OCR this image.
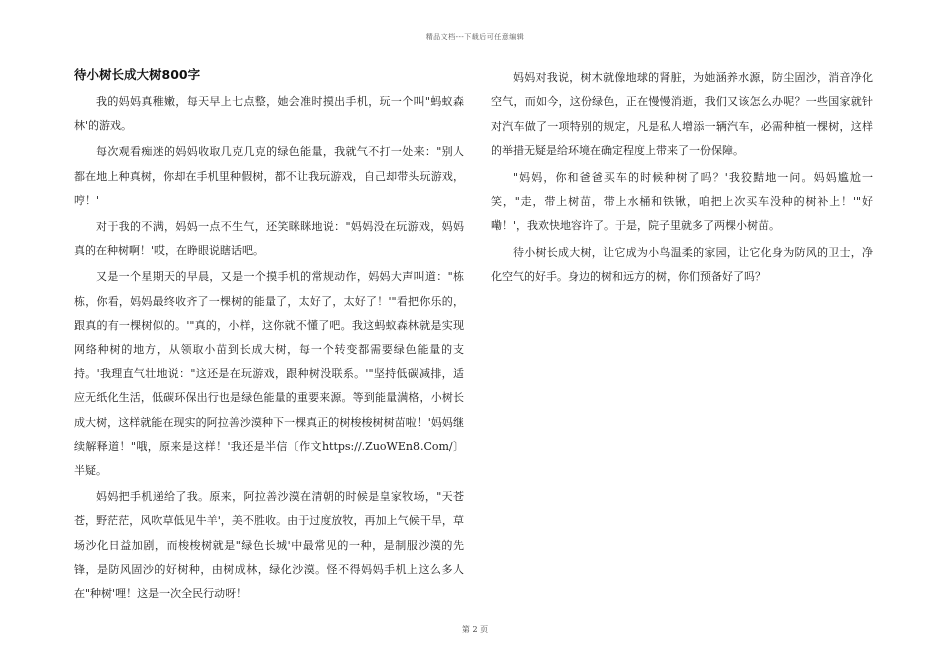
精品文档---下载后可任意编辑
待小树长成大树800字

我的妈妈真稚嫩，每天早上七点整，她会准时摸出手机，玩一个叫"蚂蚁森林'的游戏。

每次观看痴迷的妈妈收取几克几克的绿色能量，我就气不打一处来："别人都在地上种真树，你却在手机里种假树，都不让我玩游戏，自己却带头玩游戏，哼！'

对于我的不满，妈妈一点不生气，还笑眯眯地说："妈妈没在玩游戏，妈妈真的在种树啊！'哎，在睁眼说瞎话吧。

又是一个星期天的早晨，又是一个摸手机的常规动作，妈妈大声叫道："栋栋，你看，妈妈最终收齐了一棵树的能量了，太好了，太好了！'"看把你乐的，跟真的有一棵树似的。'"真的，小样，这你就不懂了吧。我这蚂蚁森林就是实现网络种树的地方，从领取小苗到长成大树，每一个转变都需要绿色能量的支持。'我理直气壮地说："这还是在玩游戏，跟种树没联系。'"坚持低碳减排，适应无纸化生活，低碳环保出行也是绿色能量的重要来源。等到能量满格，小树长成大树，这样就能在现实的阿拉善沙漠种下一棵真正的树梭梭树树苗啦！'妈妈继续解释道！"哦，原来是这样！'我还是半信〔作文https://.ZuoWEn8.Com/〕半疑。

妈妈把手机递给了我。原来，阿拉善沙漠在清朝的时候是皇家牧场，"天苍苍，野茫茫，风吹草低见牛羊'，美不胜收。由于过度放牧，再加上气候干旱，草场沙化日益加剧，而梭梭树就是"绿色长城'中最常见的一种，是制服沙漠的先锋，是防风固沙的好树种，由树成林，绿化沙漠。怪不得妈妈手机上这么多人在"种树'哩！这是一次全民行动呀！

妈妈对我说，树木就像地球的肾脏，为她涵养水源，防尘固沙，消音净化空气，而如今，这份绿色，正在慢慢消逝，我们又该怎么办呢？一些国家就针对汽车做了一项特别的规定，凡是私人增添一辆汽车，必需种植一棵树，这样的举措无疑是给环境在确定程度上带来了一份保障。

"妈妈，你和爸爸买车的时候种树了吗？'我狡黠地一问。妈妈尴尬一笑，"走，带上树苗，带上水桶和铁锹，咱把上次买车没种的树补上！'"好嘞！'，我欢快地容许了。于是，院子里就多了两棵小树苗。

待小树长成大树，让它成为小鸟温柔的家园，让它化身为防风的卫士，净化空气的好手。身边的树和远方的树，你们预备好了吗？

第 2 页
